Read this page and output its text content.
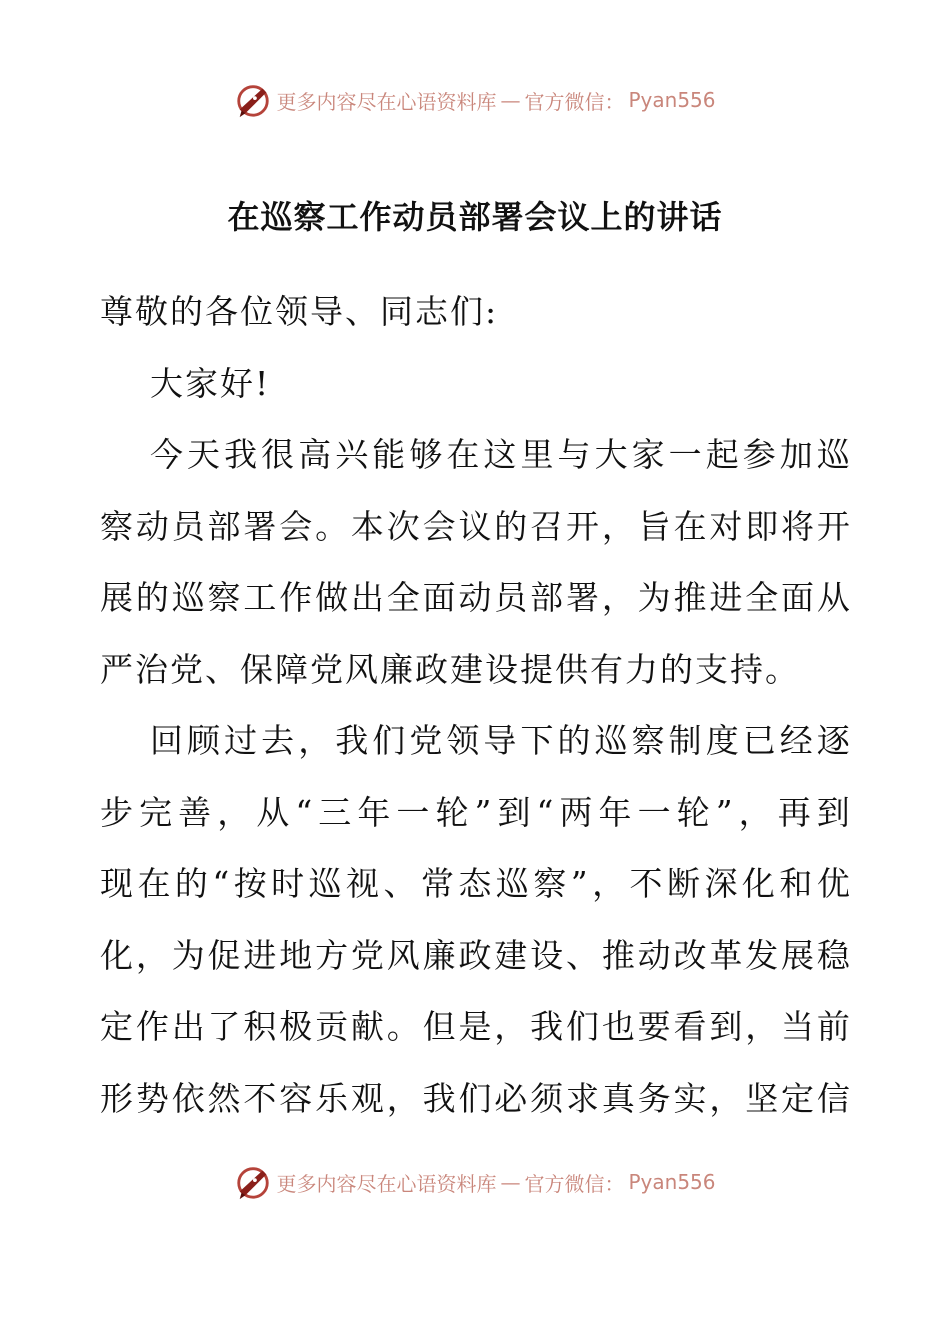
更多内容尽在心语资料库 — 官方微信： Pyan556
在巡察工作动员部署会议上的讲话
尊敬的各位领导、同志们:
大家好!
今 天 我 很 高 兴 能 够 在 这 里 与 大 家 一 起 参 加 巡
察 动 员 部 署 会 。 本 次 会 议 的 召 开 ， 旨 在 对 即 将 开
展 的 巡 察 工 作 做 出 全 面 动 员 部 署 ， 为 推 进 全 面 从
严治党、保障党风廉政建设提供有力的支持。
回 顾 过 去 ， 我 们 党 领 导 下 的 巡 察 制 度 已 经 逐
步 完 善 ， 从 “ 三 年 一 轮 ” 到 “ 两 年 一 轮 ” ， 再 到
现 在 的 “ 按 时 巡 视 、 常 态 巡 察 ” ， 不 断 深 化 和 优
化 ， 为 促 进 地 方 党 风 廉 政 建 设 、 推 动 改 革 发 展 稳
定 作 出 了 积 极 贡 献 。 但 是 ， 我 们 也 要 看 到 ， 当 前
形 势 依 然 不 容 乐 观 ， 我 们 必 须 求 真 务 实 ， 坚 定 信
更多内容尽在心语资料库 — 官方微信： Pyan556
